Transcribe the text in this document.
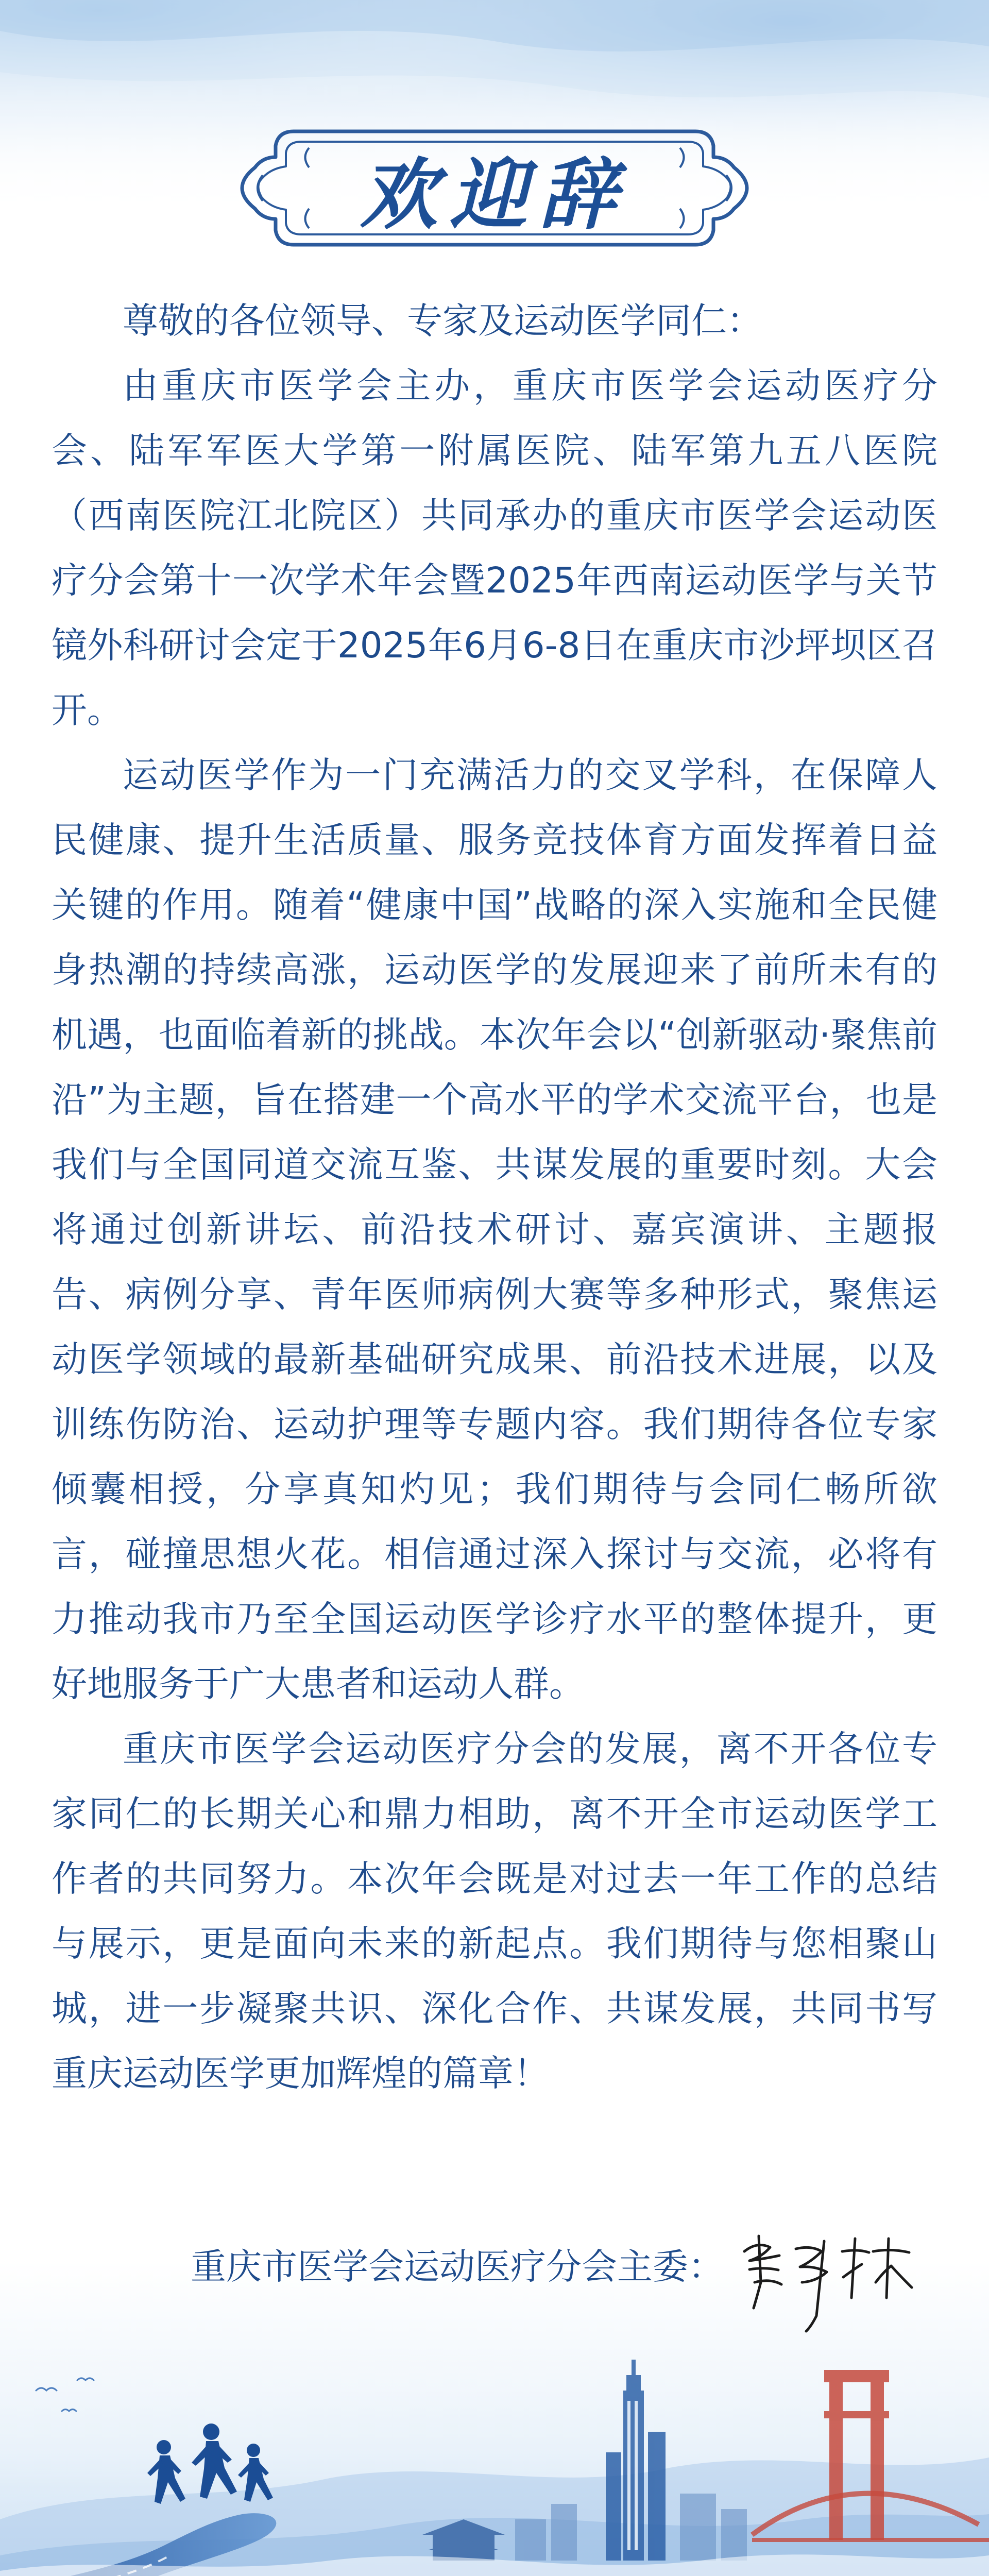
欢迎辞

尊敬的各位领导、专家及运动医学同仁：

由重庆市医学会主办，重庆市医学会运动医疗分会、陆军军医大学第一附属医院、陆军第九五八医院（西南医院江北院区）共同承办的重庆市医学会运动医疗分会第十一次学术年会暨2025年西南运动医学与关节镜外科研讨会定于2025年6月6-8日在重庆市沙坪坝区召开。

运动医学作为一门充满活力的交叉学科，在保障人民健康、提升生活质量、服务竞技体育方面发挥着日益关键的作用。随着“健康中国”战略的深入实施和全民健身热潮的持续高涨，运动医学的发展迎来了前所未有的机遇，也面临着新的挑战。本次年会以“创新驱动·聚焦前沿”为主题，旨在搭建一个高水平的学术交流平台，也是我们与全国同道交流互鉴、共谋发展的重要时刻。大会将通过创新讲坛、前沿技术研讨、嘉宾演讲、主题报告、病例分享、青年医师病例大赛等多种形式，聚焦运动医学领域的最新基础研究成果、前沿技术进展，以及训练伤防治、运动护理等专题内容。我们期待各位专家倾囊相授，分享真知灼见；我们期待与会同仁畅所欲言，碰撞思想火花。相信通过深入探讨与交流，必将有力推动我市乃至全国运动医学诊疗水平的整体提升，更好地服务于广大患者和运动人群。

重庆市医学会运动医疗分会的发展，离不开各位专家同仁的长期关心和鼎力相助，离不开全市运动医学工作者的共同努力。本次年会既是对过去一年工作的总结与展示，更是面向未来的新起点。我们期待与您相聚山城，进一步凝聚共识、深化合作、共谋发展，共同书写重庆运动医学更加辉煌的篇章！

重庆市医学会运动医疗分会主委：
